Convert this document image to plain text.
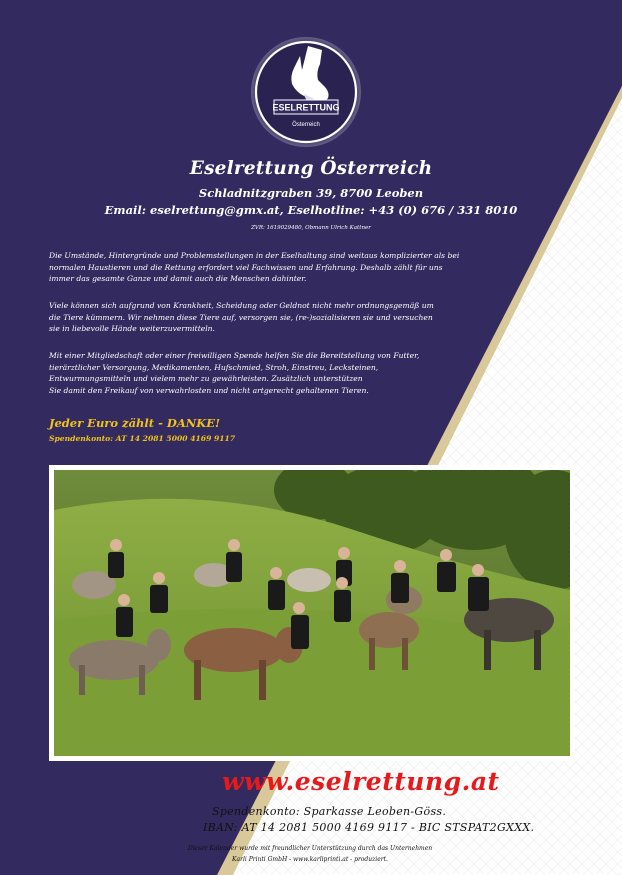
ESELRETTUNG
Österreich
Eselrettung Österreich
Schladnitzgraben 39, 8700 Leoben
Email: eselrettung@gmx.at, Eselhotline: +43 (0) 676 / 331 8010
ZVR: 1619029480, Obmann Ulrich Kattner
Die Umstände, Hintergründe und Problemstellungen in der Eselhaltung sind weitaus komplizierter als bei
normalen Haustieren und die Rettung erfordert viel Fachwissen und Erfahrung. Deshalb zählt für uns
immer das gesamte Ganze und damit auch die Menschen dahinter.
Viele können sich aufgrund von Krankheit, Scheidung oder Geldnot nicht mehr ordnungsgemäß um
die Tiere kümmern. Wir nehmen diese Tiere auf, versorgen sie, (re-)sozialisieren sie und versuchen
sie in liebevolle Hände weiterzuvermitteln.
Mit einer Mitgliedschaft oder einer freiwilligen Spende helfen Sie die Bereitstellung von Futter,
tierärztlicher Versorgung, Medikamenten, Hufschmied, Stroh, Einstreu, Lecksteinen,
Entwurmungsmitteln und vielem mehr zu gewährleisten. Zusätzlich unterstützen
Sie damit den Freikauf von verwahrlosten und nicht artgerecht gehaltenen Tieren.
Jeder Euro zählt - DANKE!
Spendenkonto: AT 14 2081 5000 4169 9117
www.eselrettung.at
Spendenkonto: Sparkasse Leoben-Göss.
IBAN: AT 14 2081 5000 4169 9117 - BIC STSPAT2GXXX.
Dieser Kalender wurde mit freundlicher Unterstützung durch das Unternehmen
Karli Printi GmbH - www.karliprinti.at - produziert.
